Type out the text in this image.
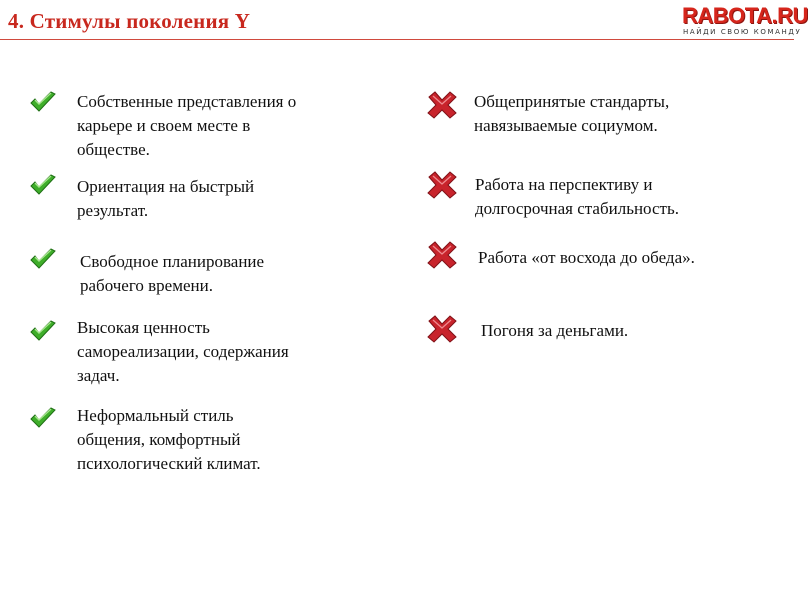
4. Стимулы поколения Y	RABOTA.RU
НАЙДИ СВОЮ КОМАНДУ
Собственные представления о
карьере и своем месте в
обществе.
Ориентация на быстрый
результат.
Свободное планирование
рабочего времени.
Высокая ценность
самореализации, содержания
задач.
Неформальный стиль
общения, комфортный
психологический климат.
Общепринятые стандарты,
навязываемые социумом.
Работа на перспективу и
долгосрочная стабильность.
Работа «от восхода до обеда».
Погоня за деньгами.
